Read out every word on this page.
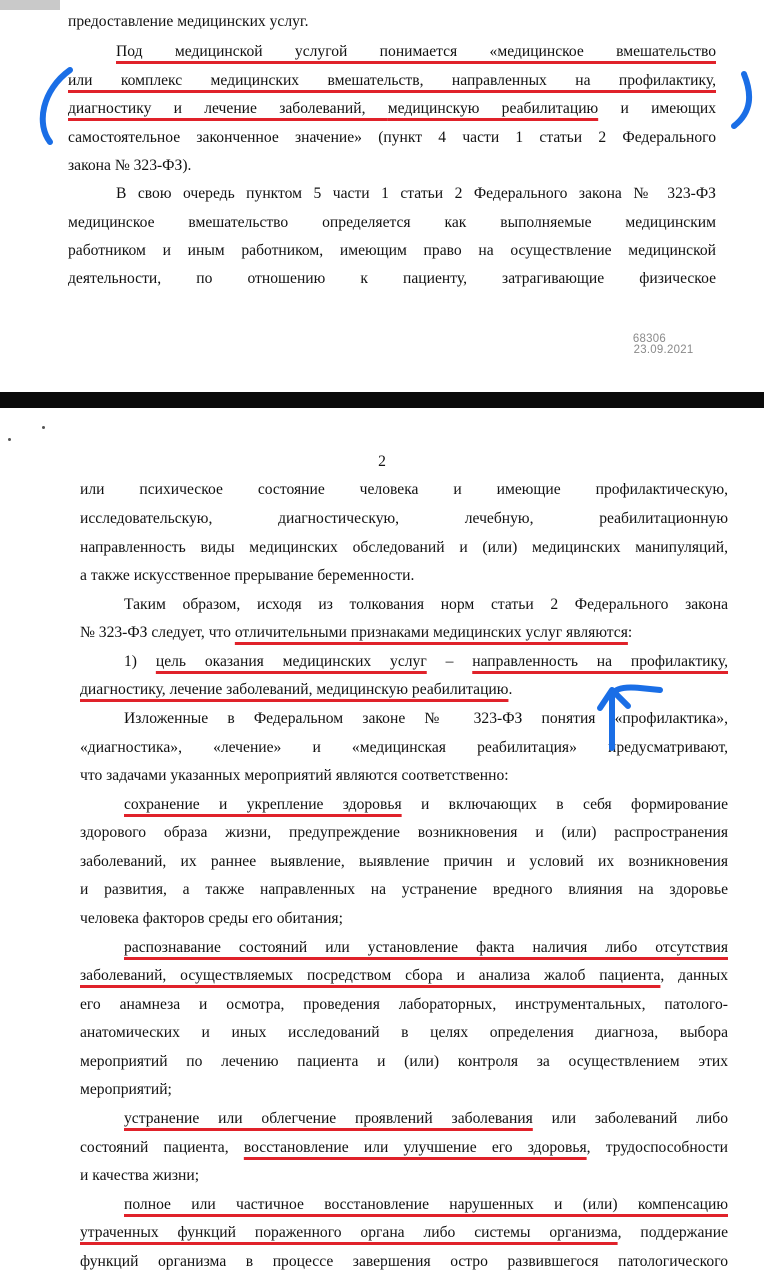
предоставление медицинских услуг.
Под медицинской услугой понимается «медицинское вмешательство
или комплекс медицинских вмешательств, направленных на профилактику,
диагностику и лечение заболеваний, медицинскую реабилитацию и имеющих
самостоятельное законченное значение» (пункт 4 части 1 статьи 2 Федерального
закона № 323-ФЗ).
В свою очередь пунктом 5 части 1 статьи 2 Федерального закона № 323-ФЗ
медицинское вмешательство определяется как выполняемые медицинским
работником и иным работником, имеющим право на осуществление медицинской
деятельности, по отношению к пациенту, затрагивающие физическое
68306
23.09.2021
2
или психическое состояние человека и имеющие профилактическую,
исследовательскую, диагностическую, лечебную, реабилитационную
направленность виды медицинских обследований и (или) медицинских манипуляций,
а также искусственное прерывание беременности.
Таким образом, исходя из толкования норм статьи 2 Федерального закона
№ 323-ФЗ следует, что отличительными признаками медицинских услуг являются:
1) цель оказания медицинских услуг – направленность на профилактику,
диагностику, лечение заболеваний, медицинскую реабилитацию.
Изложенные в Федеральном законе № 323-ФЗ понятия «профилактика»,
«диагностика», «лечение» и «медицинская реабилитация» предусматривают,
что задачами указанных мероприятий являются соответственно:
сохранение и укрепление здоровья и включающих в себя формирование
здорового образа жизни, предупреждение возникновения и (или) распространения
заболеваний, их раннее выявление, выявление причин и условий их возникновения
и развития, а также направленных на устранение вредного влияния на здоровье
человека факторов среды его обитания;
распознавание состояний или установление факта наличия либо отсутствия
заболеваний, осуществляемых посредством сбора и анализа жалоб пациента, данных
его анамнеза и осмотра, проведения лабораторных, инструментальных, патолого-
анатомических и иных исследований в целях определения диагноза, выбора
мероприятий по лечению пациента и (или) контроля за осуществлением этих
мероприятий;
устранение или облегчение проявлений заболевания или заболеваний либо
состояний пациента, восстановление или улучшение его здоровья, трудоспособности
и качества жизни;
полное или частичное восстановление нарушенных и (или) компенсацию
утраченных функций пораженного органа либо системы организма, поддержание
функций организма в процессе завершения остро развившегося патологического
